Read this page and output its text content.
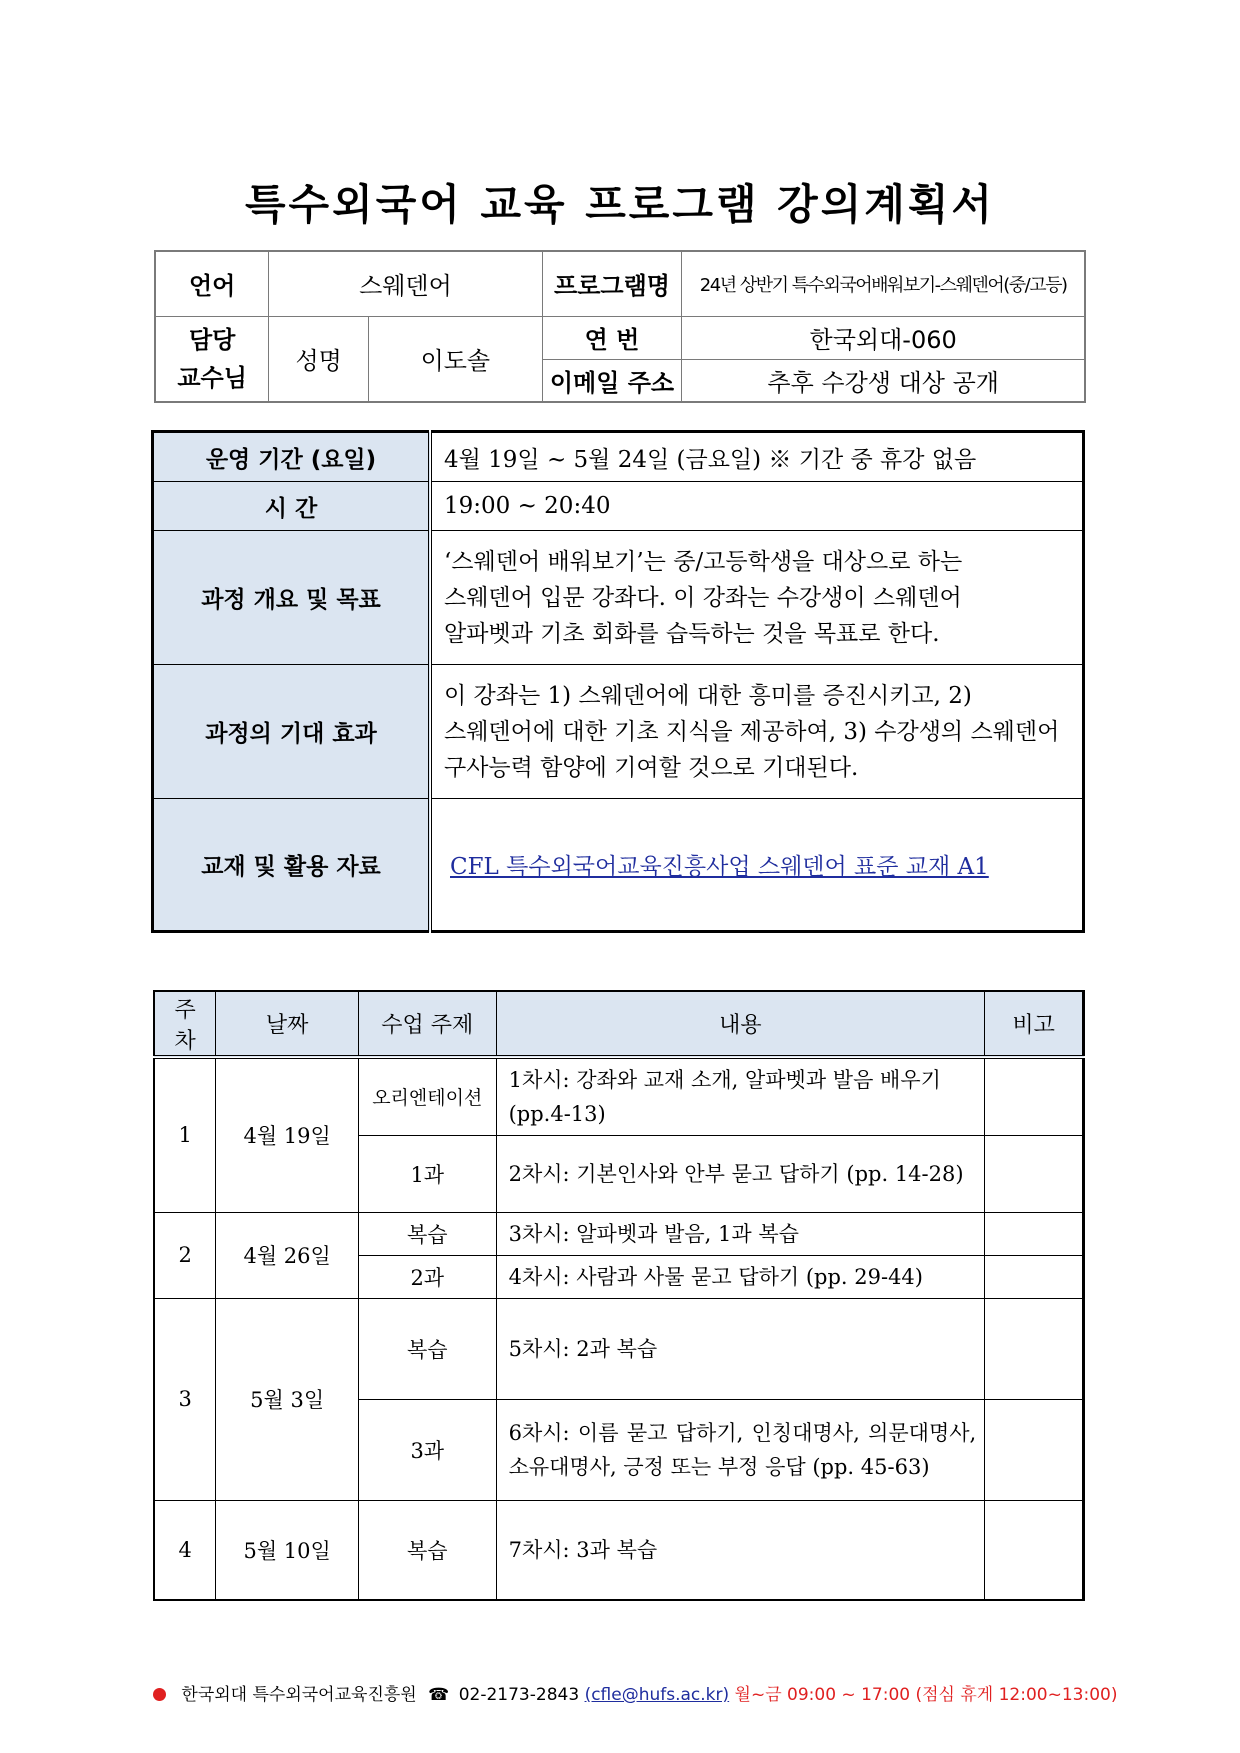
특수외국어 교육 프로그램 강의계획서
언어	스웨덴어		프로그램명	24년 상반기 특수외국어배워보기-스웨덴어(중/고등)

담당
교수님	성명	이도솔	연 번	한국외대-060
			이메일 주소	추후 수강생 대상 공개
운영 기간 (요일)	4월 19일 ~ 5월 24일 (금요일) ※ 기간 중 휴강 없음
시 간	19:00 ~ 20:40
과정 개요 및 목표	‘스웨덴어 배워보기’는 중/고등학생을 대상으로 하는
스웨덴어 입문 강좌다. 이 강좌는 수강생이 스웨덴어
알파벳과 기초 회화를 습득하는 것을 목표로 한다.

과정의 기대 효과	이 강좌는 1) 스웨덴어에 대한 흥미를 증진시키고, 2)
스웨덴어에 대한 기초 지식을 제공하여, 3) 수강생의 스웨덴어
구사능력 함양에 기여할 것으로 기대된다.

교재 및 활용 자료	CFL 특수외국어교육진흥사업 스웨덴어 표준 교재 A1
주
차	날짜	수업 주제	내용	비고
1	4월 19일	오리엔테이션	1차시: 강좌와 교재 소개, 알파벳과 발음 배우기 (pp.4-13)	
		1과	2차시: 기본인사와 안부 묻고 답하기 (pp. 14-28)	
2	4월 26일	복습	3차시: 알파벳과 발음, 1과 복습	
		2과	4차시: 사람과 사물 묻고 답하기 (pp. 29-44)	
3	5월 3일	복습	5차시: 2과 복습	
		3과	6차시: 이름 묻고 답하기, 인칭대명사, 의문대명사, 소유대명사, 긍정 또는 부정 응답 (pp. 45-63)	
4	5월 10일	복습	7차시: 3과 복습	
한국외대 특수외국어교육진흥원 ☎ 02-2173-2843 (cfle@hufs.ac.kr) 월~금 09:00 ~ 17:00 (점심 휴게 12:00~13:00)
